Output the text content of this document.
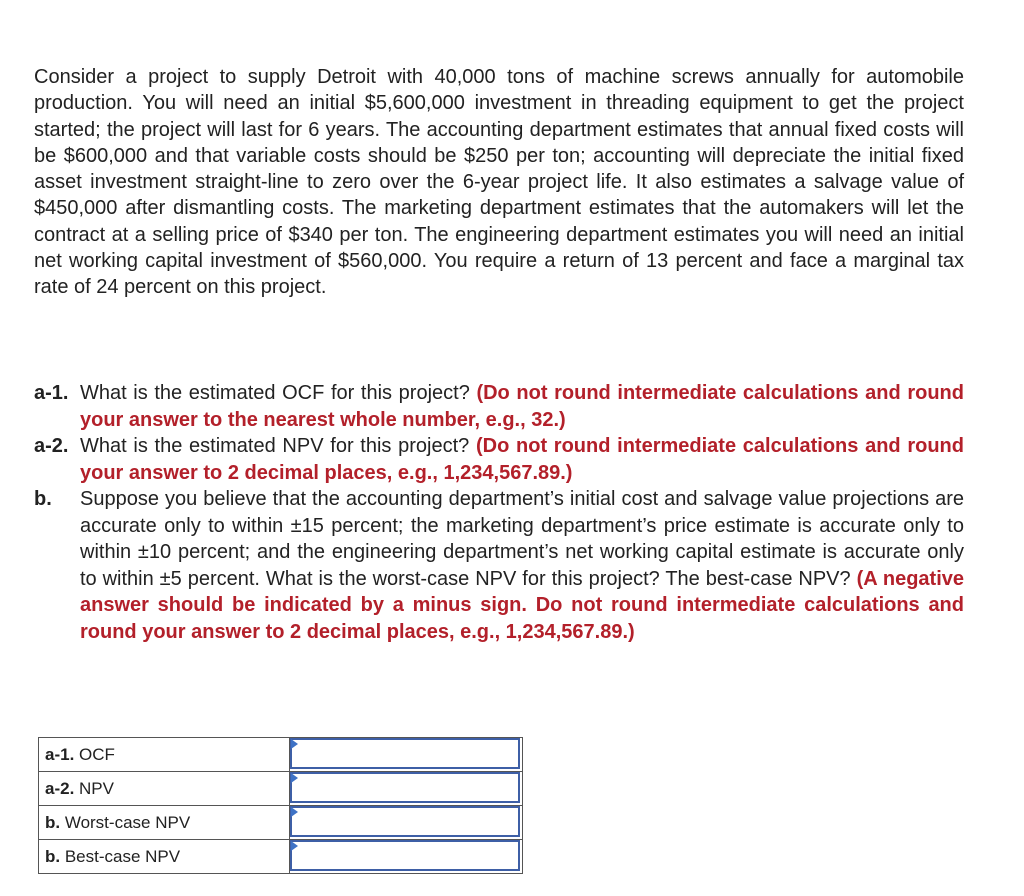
Consider a project to supply Detroit with 40,000 tons of machine screws annually for automobile production. You will need an initial $5,600,000 investment in threading equipment to get the project started; the project will last for 6 years. The accounting department estimates that annual fixed costs will be $600,000 and that variable costs should be $250 per ton; accounting will depreciate the initial fixed asset investment straight-line to zero over the 6-year project life. It also estimates a salvage value of $450,000 after dismantling costs. The marketing department estimates that the automakers will let the contract at a selling price of $340 per ton. The engineering department estimates you will need an initial net working capital investment of $560,000. You require a return of 13 percent and face a marginal tax rate of 24 percent on this project.

a-1. What is the estimated OCF for this project? (Do not round intermediate calculations and round your answer to the nearest whole number, e.g., 32.)
a-2. What is the estimated NPV for this project? (Do not round intermediate calculations and round your answer to 2 decimal places, e.g., 1,234,567.89.)
b. Suppose you believe that the accounting department’s initial cost and salvage value projections are accurate only to within ±15 percent; the marketing department’s price estimate is accurate only to within ±10 percent; and the engineering department’s net working capital estimate is accurate only to within ±5 percent. What is the worst-case NPV for this project? The best-case NPV? (A negative answer should be indicated by a minus sign. Do not round intermediate calculations and round your answer to 2 decimal places, e.g., 1,234,567.89.)
a-1. OCF	

a-2. NPV	

b. Worst-case NPV	

b. Best-case NPV	
